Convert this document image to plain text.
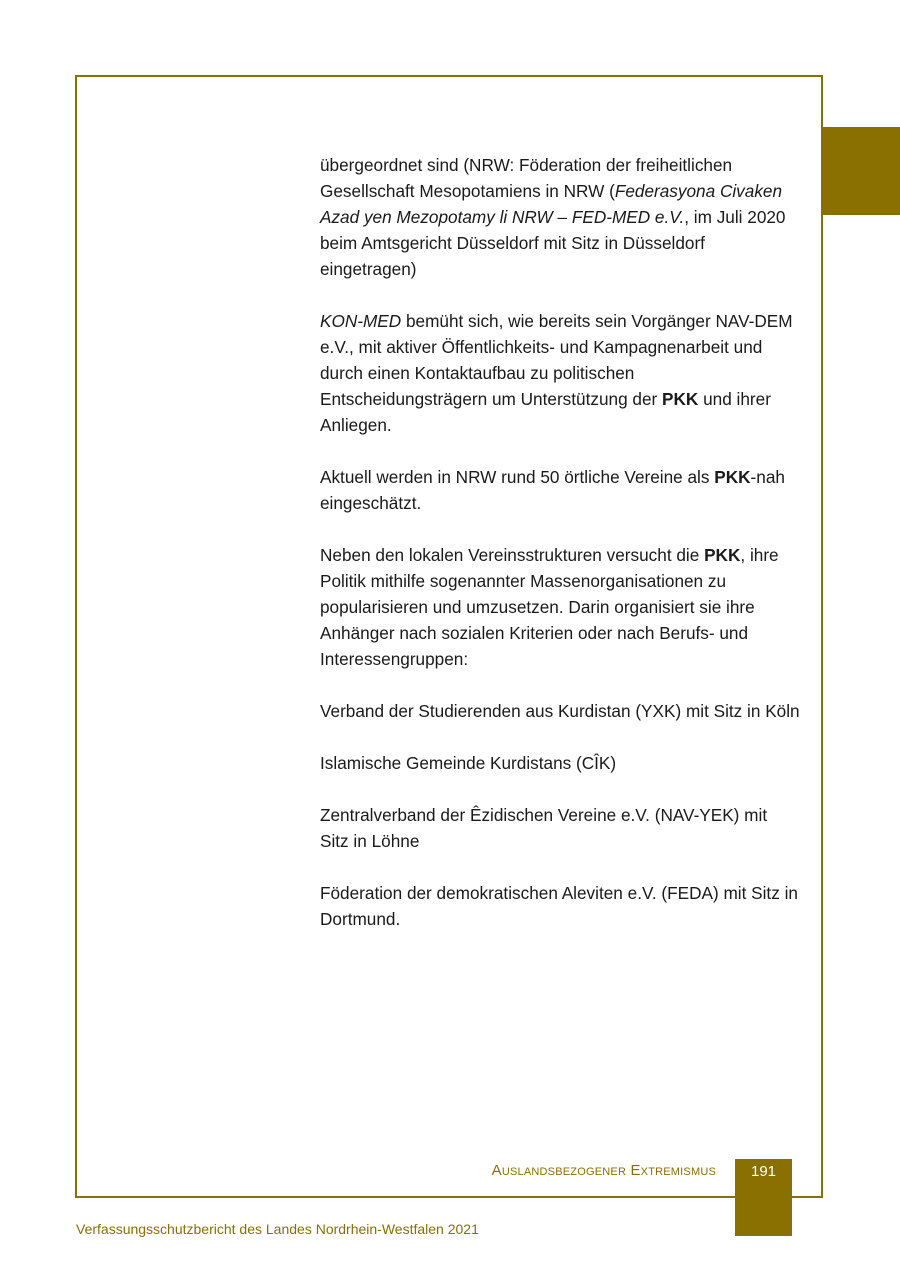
übergeordnet sind (NRW: Föderation der freiheitlichen Gesellschaft Mesopotamiens in NRW (Federasyona Civaken Azad yen Mezopotamy li NRW – FED-MED e.V., im Juli 2020 beim Amtsgericht Düsseldorf mit Sitz in Düsseldorf eingetragen)

KON-MED bemüht sich, wie bereits sein Vorgänger NAV-DEM e.V., mit aktiver Öffentlichkeits- und Kampagnenarbeit und durch einen Kontaktaufbau zu politischen Entscheidungsträgern um Unterstützung der PKK und ihrer Anliegen.

Aktuell werden in NRW rund 50 örtliche Vereine als PKK-nah eingeschätzt.

Neben den lokalen Vereinsstrukturen versucht die PKK, ihre Politik mithilfe sogenannter Massenorganisationen zu popularisieren und umzusetzen. Darin organisiert sie ihre Anhänger nach sozialen Kriterien oder nach Berufs- und Interessengruppen:

Verband der Studierenden aus Kurdistan (YXK) mit Sitz in Köln

Islamische Gemeinde Kurdistans (CÎK)

Zentralverband der Êzidischen Vereine e.V. (NAV-YEK) mit Sitz in Löhne

Föderation der demokratischen Aleviten e.V. (FEDA) mit Sitz in Dortmund.

Auslandsbezogener Extremismus	191
Verfassungsschutzbericht des Landes Nordrhein-Westfalen 2021
